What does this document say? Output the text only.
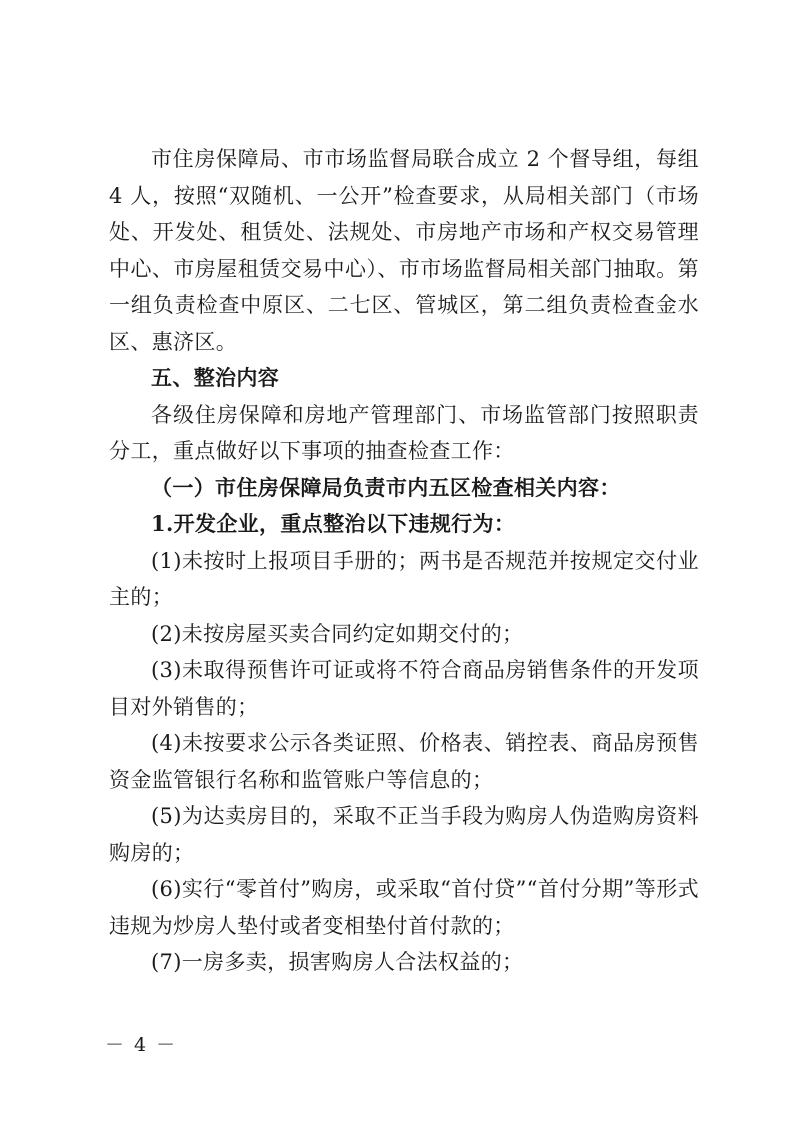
市住房保障局、市市场监督局联合成立 2 个督导组，每组 4 人，按照“双随机、一公开”检查要求，从局相关部门（市场处、开发处、租赁处、法规处、市房地产市场和产权交易管理中心、市房屋租赁交易中心）、市市场监督局相关部门抽取。第一组负责检查中原区、二七区、管城区，第二组负责检查金水区、惠济区。

五、整治内容

各级住房保障和房地产管理部门、市场监管部门按照职责分工，重点做好以下事项的抽查检查工作：

（一）市住房保障局负责市内五区检查相关内容：

1.开发企业，重点整治以下违规行为：

(1)未按时上报项目手册的；两书是否规范并按规定交付业主的；

(2)未按房屋买卖合同约定如期交付的；

(3)未取得预售许可证或将不符合商品房销售条件的开发项目对外销售的；

(4)未按要求公示各类证照、价格表、销控表、商品房预售资金监管银行名称和监管账户等信息的；

(5)为达卖房目的，采取不正当手段为购房人伪造购房资料购房的；

(6)实行“零首付”购房，或采取“首付贷”“首付分期”等形式违规为炒房人垫付或者变相垫付首付款的；

(7)一房多卖，损害购房人合法权益的；

－ 4 －
